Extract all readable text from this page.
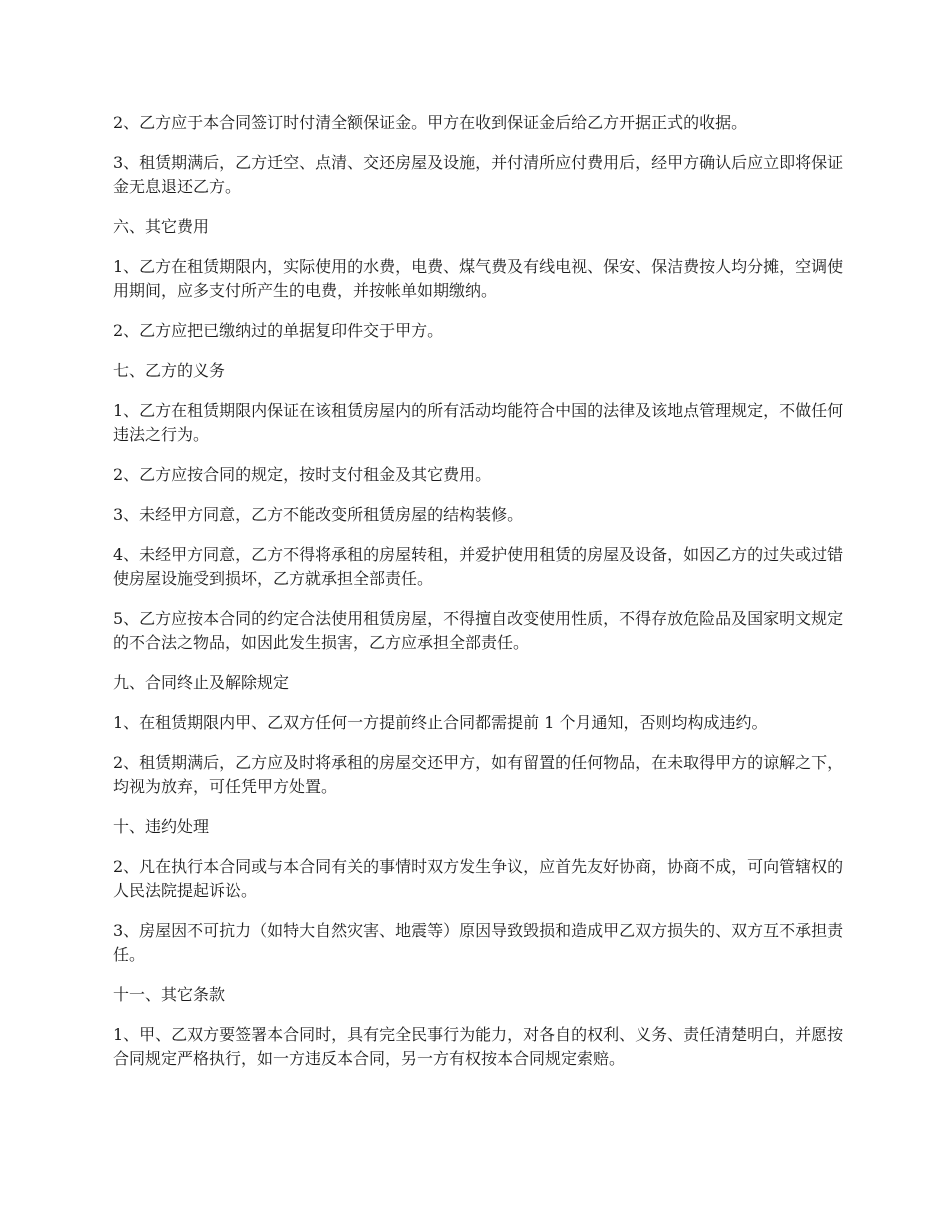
2、乙方应于本合同签订时付清全额保证金。甲方在收到保证金后给乙方开据正式的收据。

3、租赁期满后，乙方迁空、点清、交还房屋及设施，并付清所应付费用后，经甲方确认后应立即将保证金无息退还乙方。

六、其它费用

1、乙方在租赁期限内，实际使用的水费，电费、煤气费及有线电视、保安、保洁费按人均分摊，空调使用期间，应多支付所产生的电费，并按帐单如期缴纳。

2、乙方应把已缴纳过的单据复印件交于甲方。

七、乙方的义务

1、乙方在租赁期限内保证在该租赁房屋内的所有活动均能符合中国的法律及该地点管理规定，不做任何违法之行为。

2、乙方应按合同的规定，按时支付租金及其它费用。

3、未经甲方同意，乙方不能改变所租赁房屋的结构装修。

4、未经甲方同意，乙方不得将承租的房屋转租，并爱护使用租赁的房屋及设备，如因乙方的过失或过错使房屋设施受到损坏，乙方就承担全部责任。

5、乙方应按本合同的约定合法使用租赁房屋，不得擅自改变使用性质，不得存放危险品及国家明文规定的不合法之物品，如因此发生损害，乙方应承担全部责任。

九、合同终止及解除规定

1、在租赁期限内甲、乙双方任何一方提前终止合同都需提前 1 个月通知，否则均构成违约。

2、租赁期满后，乙方应及时将承租的房屋交还甲方，如有留置的任何物品，在未取得甲方的谅解之下，均视为放弃，可任凭甲方处置。

十、违约处理

2、凡在执行本合同或与本合同有关的事情时双方发生争议，应首先友好协商，协商不成，可向管辖权的人民法院提起诉讼。

3、房屋因不可抗力（如特大自然灾害、地震等）原因导致毁损和造成甲乙双方损失的、双方互不承担责任。

十一、其它条款

1、甲、乙双方要签署本合同时，具有完全民事行为能力，对各自的权利、义务、责任清楚明白，并愿按合同规定严格执行，如一方违反本合同，另一方有权按本合同规定索赔。
